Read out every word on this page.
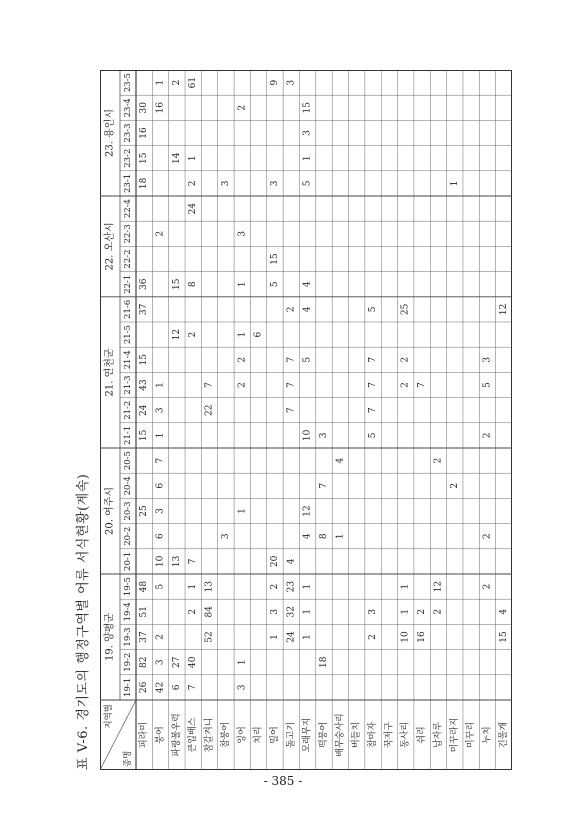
표 V-6. 경기도의 행정구역별 어류 서식현황(계속)	19. 양평군
20. 여주시
21. 연천군
22. 오산시
23. 용인시
19-1
19-2
19-3
19-4
19-5
20-1
20-2
20-3
20-4
20-5
21-1
21-2
21-3
21-4
21-5
21-6
22-1
22-2
22-3
22-4
23-1
23-2
23-3
23-4
23-5
지역별
종명
피라미
26
82
37
51
48
25
15
24
43
15
37
36
18
15
16
30
붕어
42
3
2
5
10
6
3
6
7
1
3
1
2
16
1
파랑볼우럭
6
27
13
12
15
14
2
큰입배스
7
40
2
1
7
2
8
24
2
1
61
참갈겨니
52
84
13
22
7
참붕어
3
3
잉어
3
1
1
2
2
1
1
3
2
치리
6
밀어
1
3
2
20
5
15
3
9
돌고기
24
32
23
4
7
7
7
2
3
모래무지
1
1
1
4
12
10
5
4
4
5
1
3
15
떡붕어
18
8
7
3
배무숭사리
1
4
버들치 참마자
2
3
5
7
7
7
5
꾹저구 동사리
10
1
1
2
2
25
쉬리
16
2
7
납자루
2
12
2
미꾸라지
2
1
미꾸리 누치
2
2
2
5
3
긴몰개
15
4
12
- 385 -
